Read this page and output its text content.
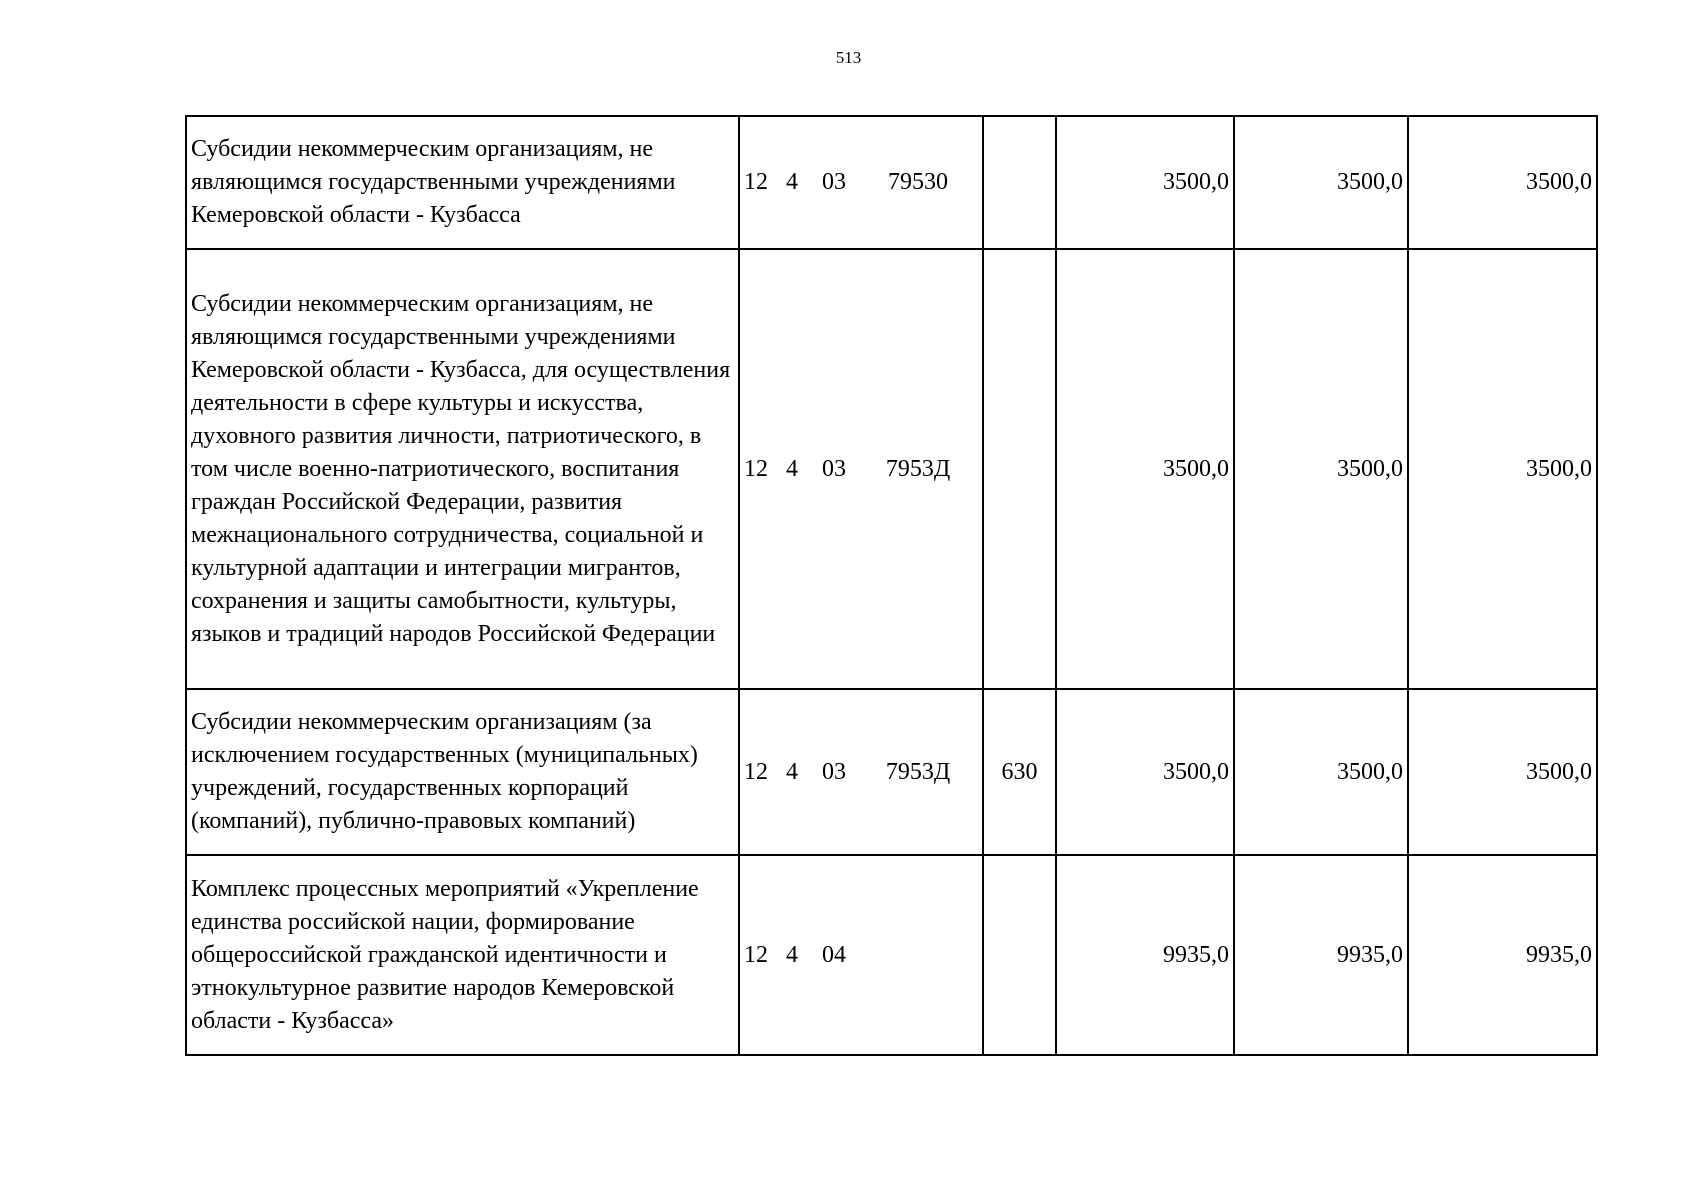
513
Субсидии некоммерческим организациям, не являющимся государственными учреждениями Кемеровской области - Кузбасса	12 4 03 79530		3500,0	3500,0	3500,0
Субсидии некоммерческим организациям, не являющимся государственными учреждениями Кемеровской области - Кузбасса, для осуществления деятельности в сфере культуры и искусства, духовного развития личности, патриотического, в том числе военно-патриотического, воспитания граждан Российской Федерации, развития межнационального сотрудничества, социальной и культурной адаптации и интеграции мигрантов, сохранения и защиты самобытности, культуры, языков и традиций народов Российской Федерации	12 4 03 7953Д		3500,0	3500,0	3500,0
Субсидии некоммерческим организациям (за исключением государственных (муниципальных) учреждений, государственных корпораций (компаний), публично-правовых компаний)	12 4 03 7953Д	630	3500,0	3500,0	3500,0
Комплекс процессных мероприятий «Укрепление единства российской нации, формирование общероссийской гражданской идентичности и этнокультурное развитие народов Кемеровской области - Кузбасса»	12 4 04		9935,0	9935,0	9935,0
